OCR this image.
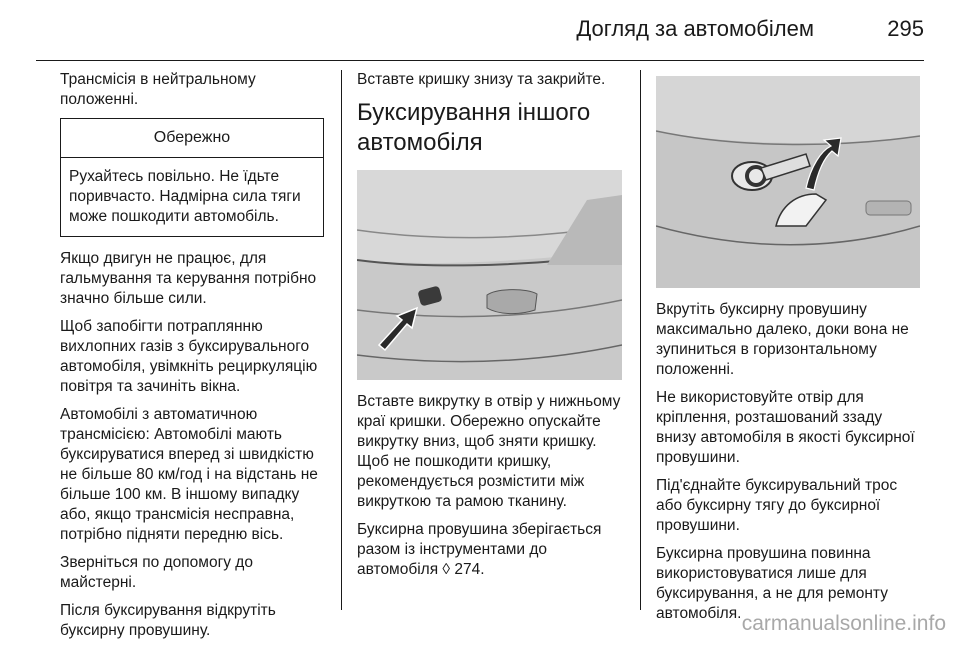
Догляд за автомобілем	295

Трансмісія в нейтральному положенні.

Обережно
Рухайтесь повільно. Не їдьте поривчасто. Надмірна сила тяги може пошкодити автомобіль.

Якщо двигун не працює, для гальмування та керування потрібно значно більше сили.

Щоб запобігти потраплянню вихлопних газів з буксирувального автомобіля, увімкніть рециркуляцію повітря та зачиніть вікна.

Автомобілі з автоматичною трансмісією: Автомобілі мають буксируватися вперед зі швидкістю не більше 80 км/год і на відстань не більше 100 км. В іншому випадку або, якщо трансмісія несправна, потрібно підняти передню вісь.

Зверніться по допомогу до майстерні.

Після буксирування відкрутіть буксирну провушину.

Вставте кришку знизу та закрийте.

Буксирування іншого автомобіля

Вставте викрутку в отвір у нижньому краї кришки. Обережно опускайте викрутку вниз, щоб зняти кришку. Щоб не пошкодити кришку, рекомендується розмістити між викруткою та рамою тканину.

Буксирна провушина зберігається разом із інструментами до автомобіля ◊ 274.

Вкрутіть буксирну провушину максимально далеко, доки вона не зупиниться в горизонтальному положенні.

Не використовуйте отвір для кріплення, розташований ззаду внизу автомобіля в якості буксирної провушини.

Під'єднайте буксирувальний трос або буксирну тягу до буксирної провушини.

Буксирна провушина повинна використовуватися лише для буксирування, а не для ремонту автомобіля. carmanualsonline.info
